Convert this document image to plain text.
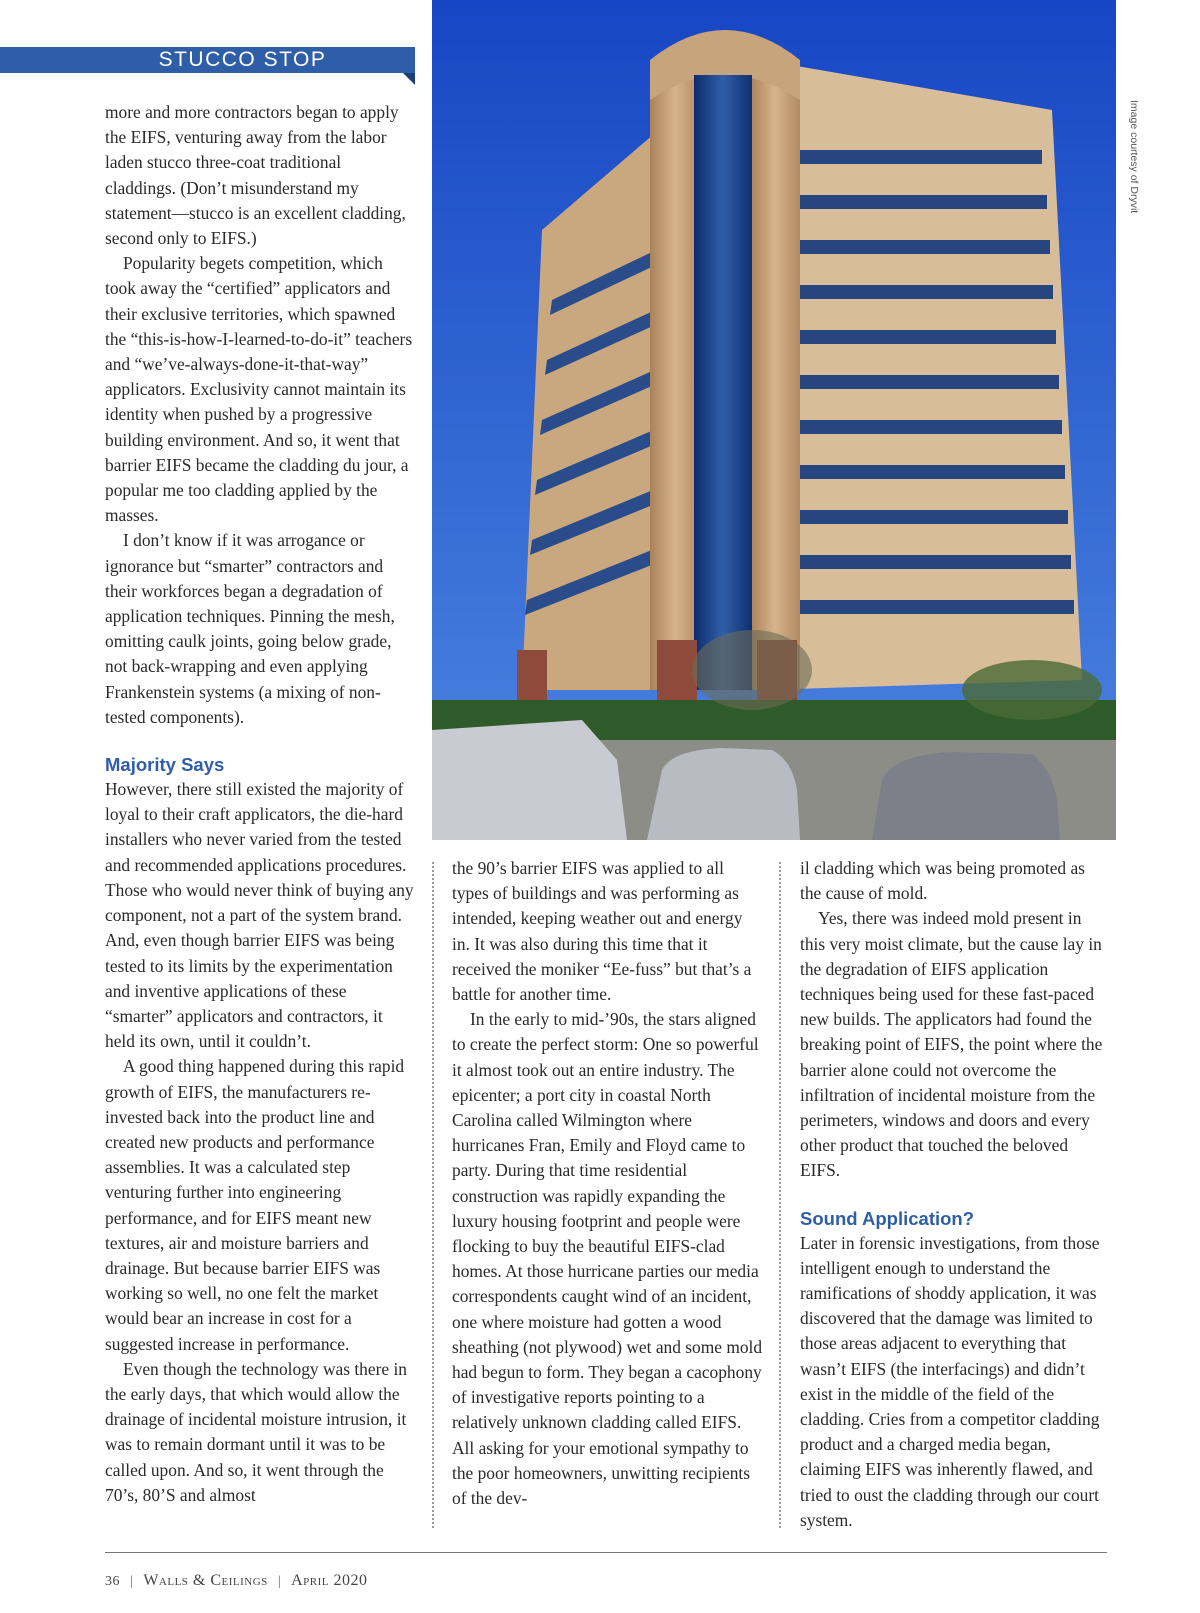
STUCCO STOP

more and more contractors began to apply the EIFS, venturing away from the labor laden stucco three-coat traditional claddings. (Don’t misunderstand my statement—stucco is an excellent cladding, second only to EIFS.)

Popularity begets competition, which took away the “certified” applicators and their exclusive territories, which spawned the “this-is-how-I-learned-to-do-it” teachers and “we’ve-always-done-it-that-way” applicators. Exclusivity cannot maintain its identity when pushed by a progressive building environment. And so, it went that barrier EIFS became the cladding du jour, a popular me too cladding applied by the masses.

I don’t know if it was arrogance or ignorance but “smarter” contractors and their workforces began a degradation of application techniques. Pinning the mesh, omitting caulk joints, going below grade, not back-wrapping and even applying Frankenstein systems (a mixing of non-tested components).

Majority Says

However, there still existed the majority of loyal to their craft applicators, the die-hard installers who never varied from the tested and recommended applications procedures. Those who would never think of buying any component, not a part of the system brand. And, even though barrier EIFS was being tested to its limits by the experimentation and inventive applications of these “smarter” applicators and contractors, it held its own, until it couldn’t.

A good thing happened during this rapid growth of EIFS, the manufacturers re-invested back into the product line and created new products and performance assemblies. It was a calculated step venturing further into engineering performance, and for EIFS meant new textures, air and moisture barriers and drainage. But because barrier EIFS was working so well, no one felt the market would bear an increase in cost for a suggested increase in performance.

Even though the technology was there in the early days, that which would allow the drainage of incidental moisture intrusion, it was to remain dormant until it was to be called upon. And so, it went through the 70’s, 80’S and almost

Image courtesy of Dryvit

the 90’s barrier EIFS was applied to all types of buildings and was performing as intended, keeping weather out and energy in. It was also during this time that it received the moniker “Ee-fuss” but that’s a battle for another time.

In the early to mid-’90s, the stars aligned to create the perfect storm: One so powerful it almost took out an entire industry. The epicenter; a port city in coastal North Carolina called Wilmington where hurricanes Fran, Emily and Floyd came to party. During that time residential construction was rapidly expanding the luxury housing footprint and people were flocking to buy the beautiful EIFS-clad homes. At those hurricane parties our media correspondents caught wind of an incident, one where moisture had gotten a wood sheathing (not plywood) wet and some mold had begun to form. They began a cacophony of investigative reports pointing to a relatively unknown cladding called EIFS. All asking for your emotional sympathy to the poor homeowners, unwitting recipients of the dev-

il cladding which was being promoted as the cause of mold.

Yes, there was indeed mold present in this very moist climate, but the cause lay in the degradation of EIFS application techniques being used for these fast-paced new builds. The applicators had found the breaking point of EIFS, the point where the barrier alone could not overcome the infiltration of incidental moisture from the perimeters, windows and doors and every other product that touched the beloved EIFS.

Sound Application?

Later in forensic investigations, from those intelligent enough to understand the ramifications of shoddy application, it was discovered that the damage was limited to those areas adjacent to everything that wasn’t EIFS (the interfacings) and didn’t exist in the middle of the field of the cladding. Cries from a competitor cladding product and a charged media began, claiming EIFS was inherently flawed, and tried to oust the cladding through our court system.

36 | Walls & Ceilings | April 2020
